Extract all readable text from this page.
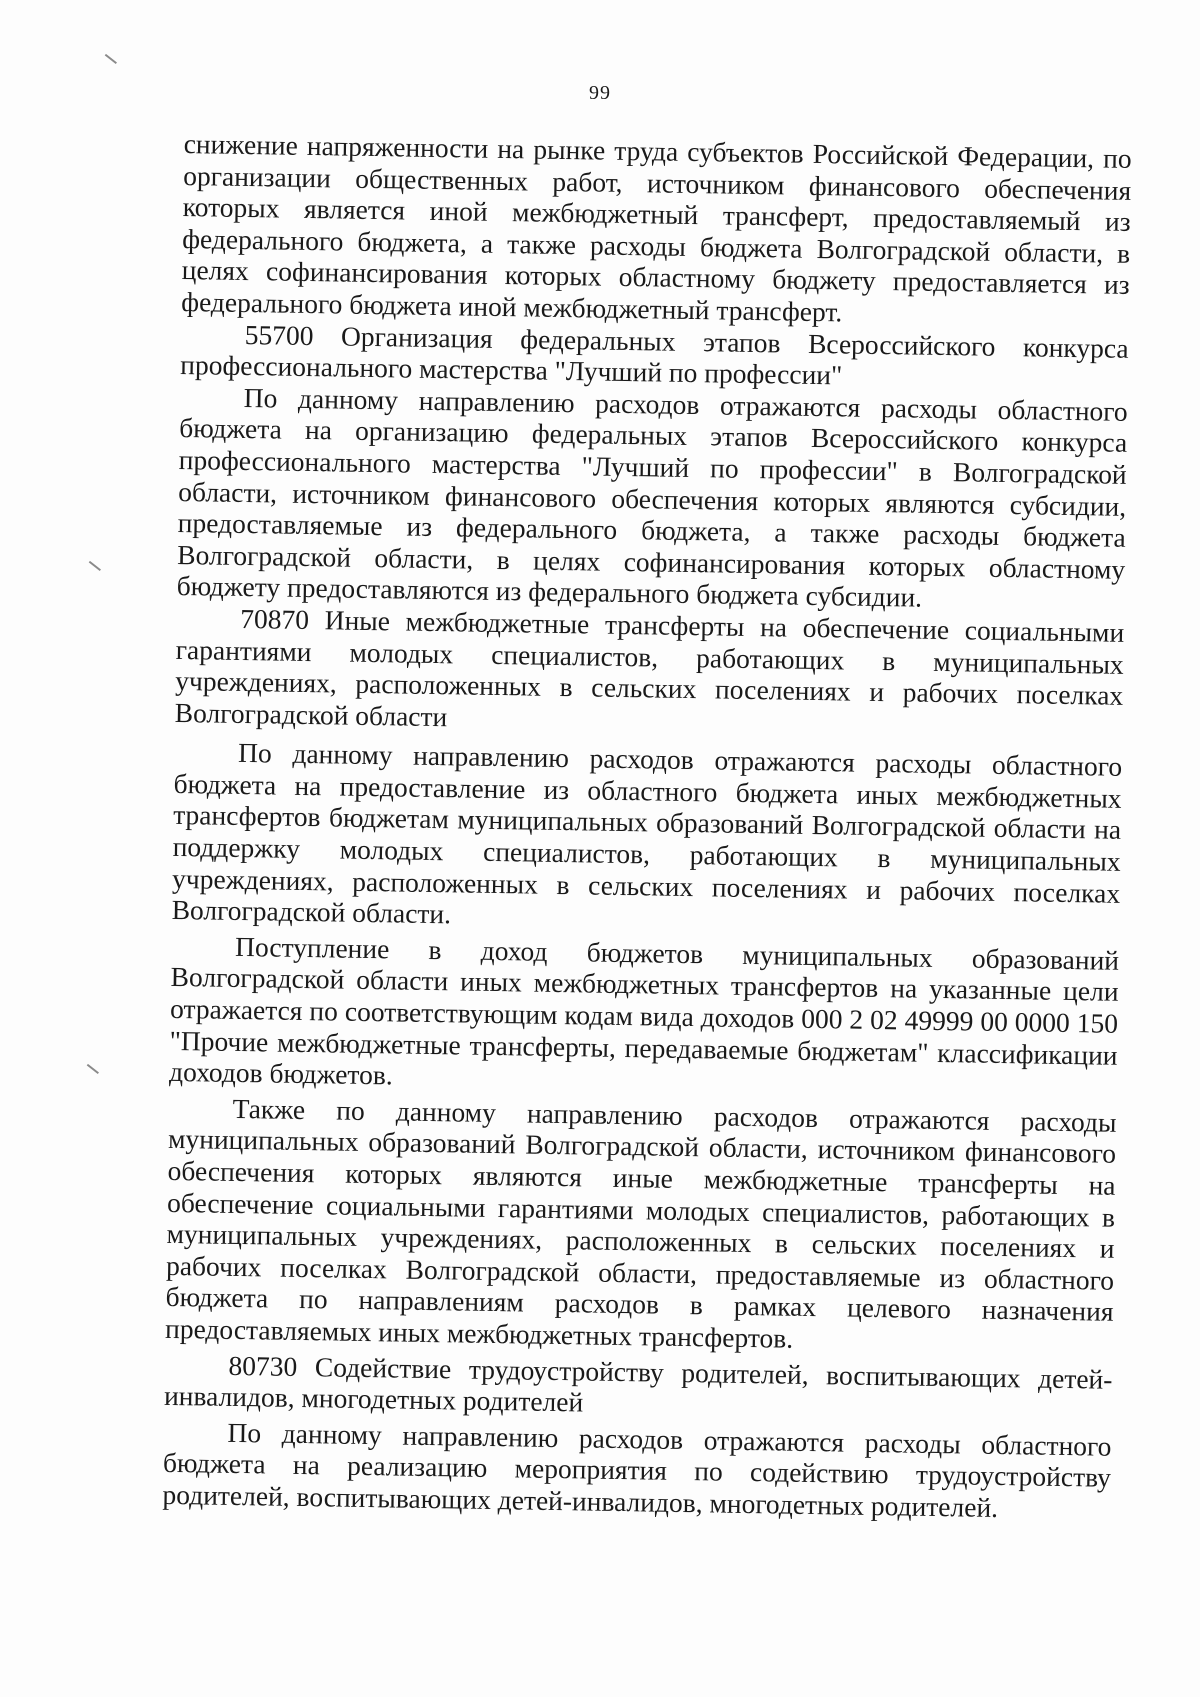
99

снижение напряженности на рынке труда субъектов Российской Федерации, по организации общественных работ, источником финансового обеспечения которых является иной межбюджетный трансферт, предоставляемый из федерального бюджета, а также расходы бюджета Волгоградской области, в целях софинансирования которых областному бюджету предоставляется из федерального бюджета иной межбюджетный трансферт.

55700 Организация федеральных этапов Всероссийского конкурса профессионального мастерства "Лучший по профессии"

По данному направлению расходов отражаются расходы областного бюджета на организацию федеральных этапов Всероссийского конкурса профессионального мастерства "Лучший по профессии" в Волгоградской области, источником финансового обеспечения которых являются субсидии, предоставляемые из федерального бюджета, а также расходы бюджета Волгоградской области, в целях софинансирования которых областному бюджету предоставляются из федерального бюджета субсидии.

70870 Иные межбюджетные трансферты на обеспечение социальными гарантиями молодых специалистов, работающих в муниципальных учреждениях, расположенных в сельских поселениях и рабочих поселках Волгоградской области

По данному направлению расходов отражаются расходы областного бюджета на предоставление из областного бюджета иных межбюджетных трансфертов бюджетам муниципальных образований Волгоградской области на поддержку молодых специалистов, работающих в муниципальных учреждениях, расположенных в сельских поселениях и рабочих поселках Волгоградской области.

Поступление в доход бюджетов муниципальных образований Волгоградской области иных межбюджетных трансфертов на указанные цели отражается по соответствующим кодам вида доходов 000 2 02 49999 00 0000 150 "Прочие межбюджетные трансферты, передаваемые бюджетам" классификации доходов бюджетов.

Также по данному направлению расходов отражаются расходы муниципальных образований Волгоградской области, источником финансового обеспечения которых являются иные межбюджетные трансферты на обеспечение социальными гарантиями молодых специалистов, работающих в муниципальных учреждениях, расположенных в сельских поселениях и рабочих поселках Волгоградской области, предоставляемые из областного бюджета по направлениям расходов в рамках целевого назначения предоставляемых иных межбюджетных трансфертов.

80730 Содействие трудоустройству родителей, воспитывающих детей-инвалидов, многодетных родителей

По данному направлению расходов отражаются расходы областного бюджета на реализацию мероприятия по содействию трудоустройству родителей, воспитывающих детей-инвалидов, многодетных родителей.
